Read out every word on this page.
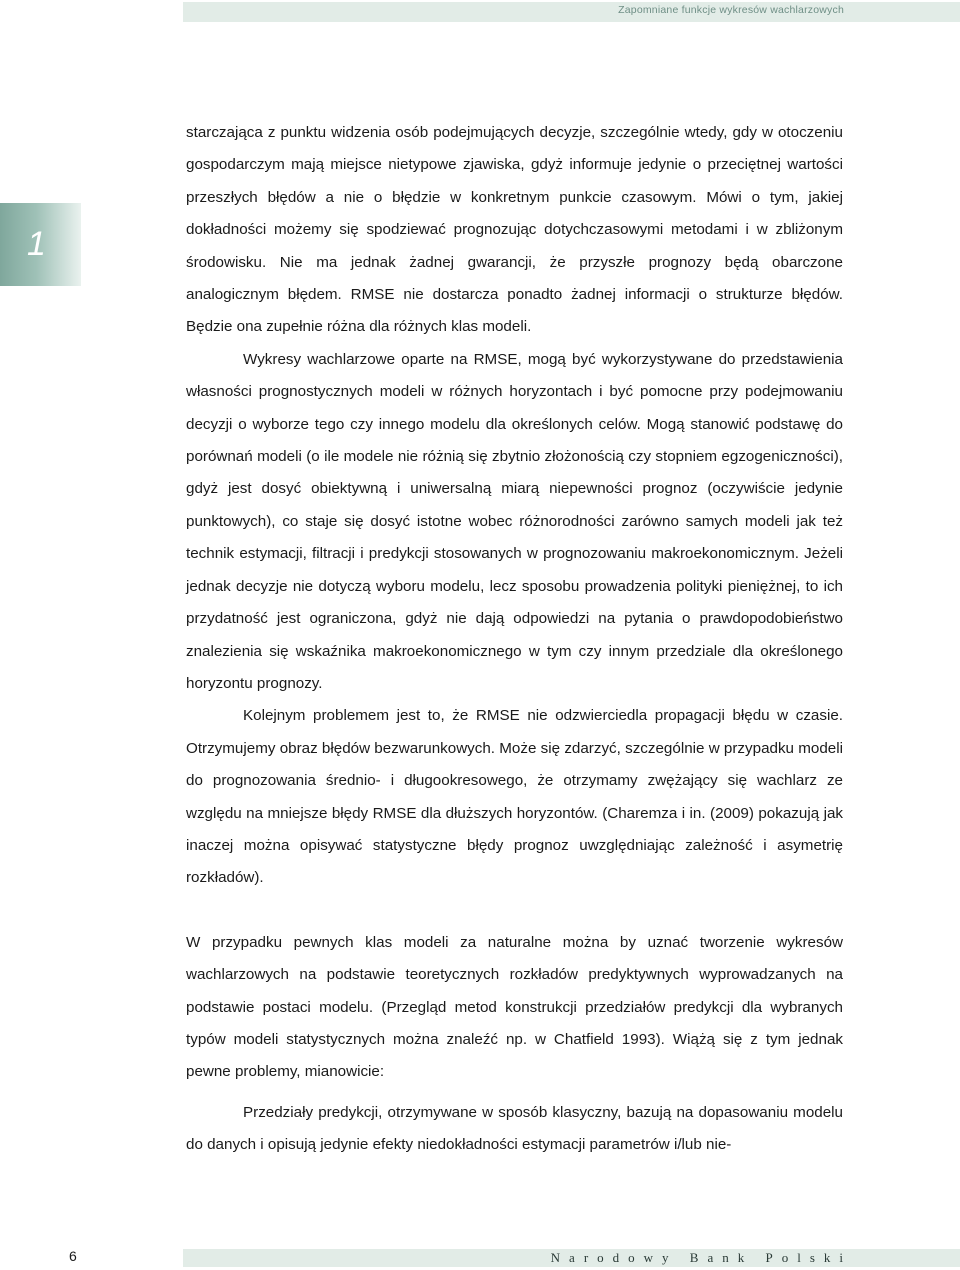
Zapomniane funkcje wykresów wachlarzowych
1

starczająca z punktu widzenia osób podejmujących decyzje, szczególnie wtedy, gdy w otoczeniu gospodarczym mają miejsce nietypowe zjawiska, gdyż informuje jedynie o przeciętnej wartości przeszłych błędów a nie o błędzie w konkretnym punkcie czasowym. Mówi o tym, jakiej dokładności możemy się spodziewać prognozując dotychczasowymi metodami i w zbliżonym środowisku. Nie ma jednak żadnej gwarancji, że przyszłe prognozy będą obarczone analogicznym błędem. RMSE nie dostarcza ponadto żadnej informacji o strukturze błędów. Będzie ona zupełnie różna dla różnych klas modeli.

Wykresy wachlarzowe oparte na RMSE, mogą być wykorzystywane do przedstawienia własności prognostycznych modeli w różnych horyzontach i być pomocne przy podejmowaniu decyzji o wyborze tego czy innego modelu dla określonych celów. Mogą stanowić podstawę do porównań modeli (o ile modele nie różnią się zbytnio złożonością czy stopniem egzogeniczności), gdyż jest dosyć obiektywną i uniwersalną miarą niepewności prognoz (oczywiście jedynie punktowych), co staje się dosyć istotne wobec różnorodności zarówno samych modeli jak też technik estymacji, filtracji i predykcji stosowanych w prognozowaniu makroekonomicznym. Jeżeli jednak decyzje nie dotyczą wyboru modelu, lecz sposobu prowadzenia polityki pieniężnej, to ich przydatność jest ograniczona, gdyż nie dają odpowiedzi na pytania o prawdopodobieństwo znalezienia się wskaźnika makroekonomicznego w tym czy innym przedziale dla określonego horyzontu prognozy.

Kolejnym problemem jest to, że RMSE nie odzwierciedla propagacji błędu w czasie. Otrzymujemy obraz błędów bezwarunkowych. Może się zdarzyć, szczególnie w przypadku modeli do prognozowania średnio- i długookresowego, że otrzymamy zwężający się wachlarz ze względu na mniejsze błędy RMSE dla dłuższych horyzontów. (Charemza i in. (2009) pokazują jak inaczej można opisywać statystyczne błędy prognoz uwzględniając zależność i asymetrię rozkładów).

W przypadku pewnych klas modeli za naturalne można by uznać tworzenie wykresów wachlarzowych na podstawie teoretycznych rozkładów predyktywnych wyprowadzanych na podstawie postaci modelu. (Przegląd metod konstrukcji przedziałów predykcji dla wybranych typów modeli statystycznych można znaleźć np. w Chatfield 1993). Wiążą się z tym jednak pewne problemy, mianowicie:

Przedziały predykcji, otrzymywane w sposób klasyczny, bazują na dopasowaniu modelu do danych i opisują jedynie efekty niedokładności estymacji parametrów i/lub nie-

6	Narodowy Bank Polski
